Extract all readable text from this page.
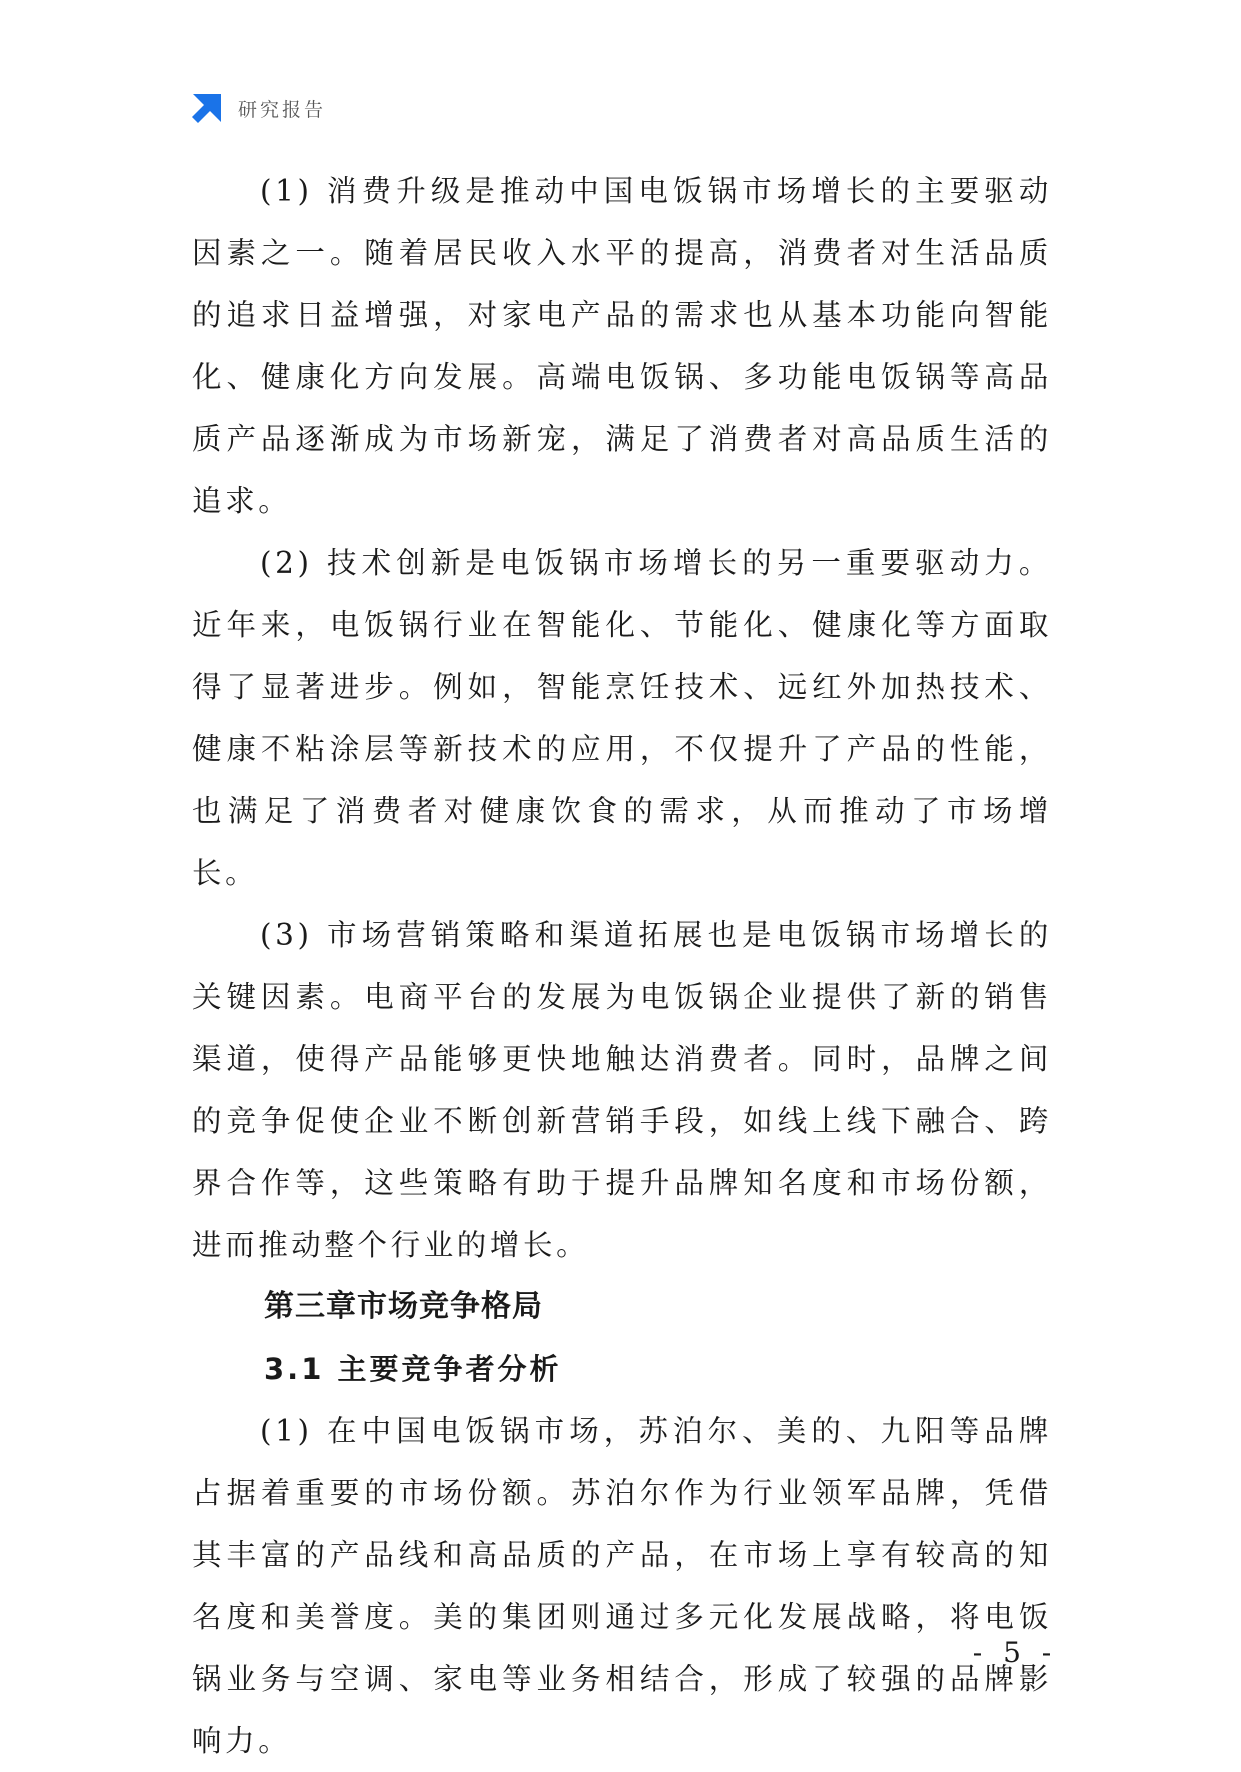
研究报告

(1) 消费升级是推动中国电饭锅市场增长的主要驱动因素之一。随着居民收入水平的提高，消费者对生活品质的追求日益增强，对家电产品的需求也从基本功能向智能化、健康化方向发展。高端电饭锅、多功能电饭锅等高品质产品逐渐成为市场新宠，满足了消费者对高品质生活的追求。

(2) 技术创新是电饭锅市场增长的另一重要驱动力。近年来，电饭锅行业在智能化、节能化、健康化等方面取得了显著进步。例如，智能烹饪技术、远红外加热技术、健康不粘涂层等新技术的应用，不仅提升了产品的性能，也满足了消费者对健康饮食的需求，从而推动了市场增长。

(3) 市场营销策略和渠道拓展也是电饭锅市场增长的关键因素。电商平台的发展为电饭锅企业提供了新的销售渠道，使得产品能够更快地触达消费者。同时，品牌之间的竞争促使企业不断创新营销手段，如线上线下融合、跨界合作等，这些策略有助于提升品牌知名度和市场份额，进而推动整个行业的增长。

第三章市场竞争格局
3.1 主要竞争者分析

(1) 在中国电饭锅市场，苏泊尔、美的、九阳等品牌占据着重要的市场份额。苏泊尔作为行业领军品牌，凭借其丰富的产品线和高品质的产品，在市场上享有较高的知名度和美誉度。美的集团则通过多元化发展战略，将电饭锅业务与空调、家电等业务相结合，形成了较强的品牌影响力。

- 5 -
